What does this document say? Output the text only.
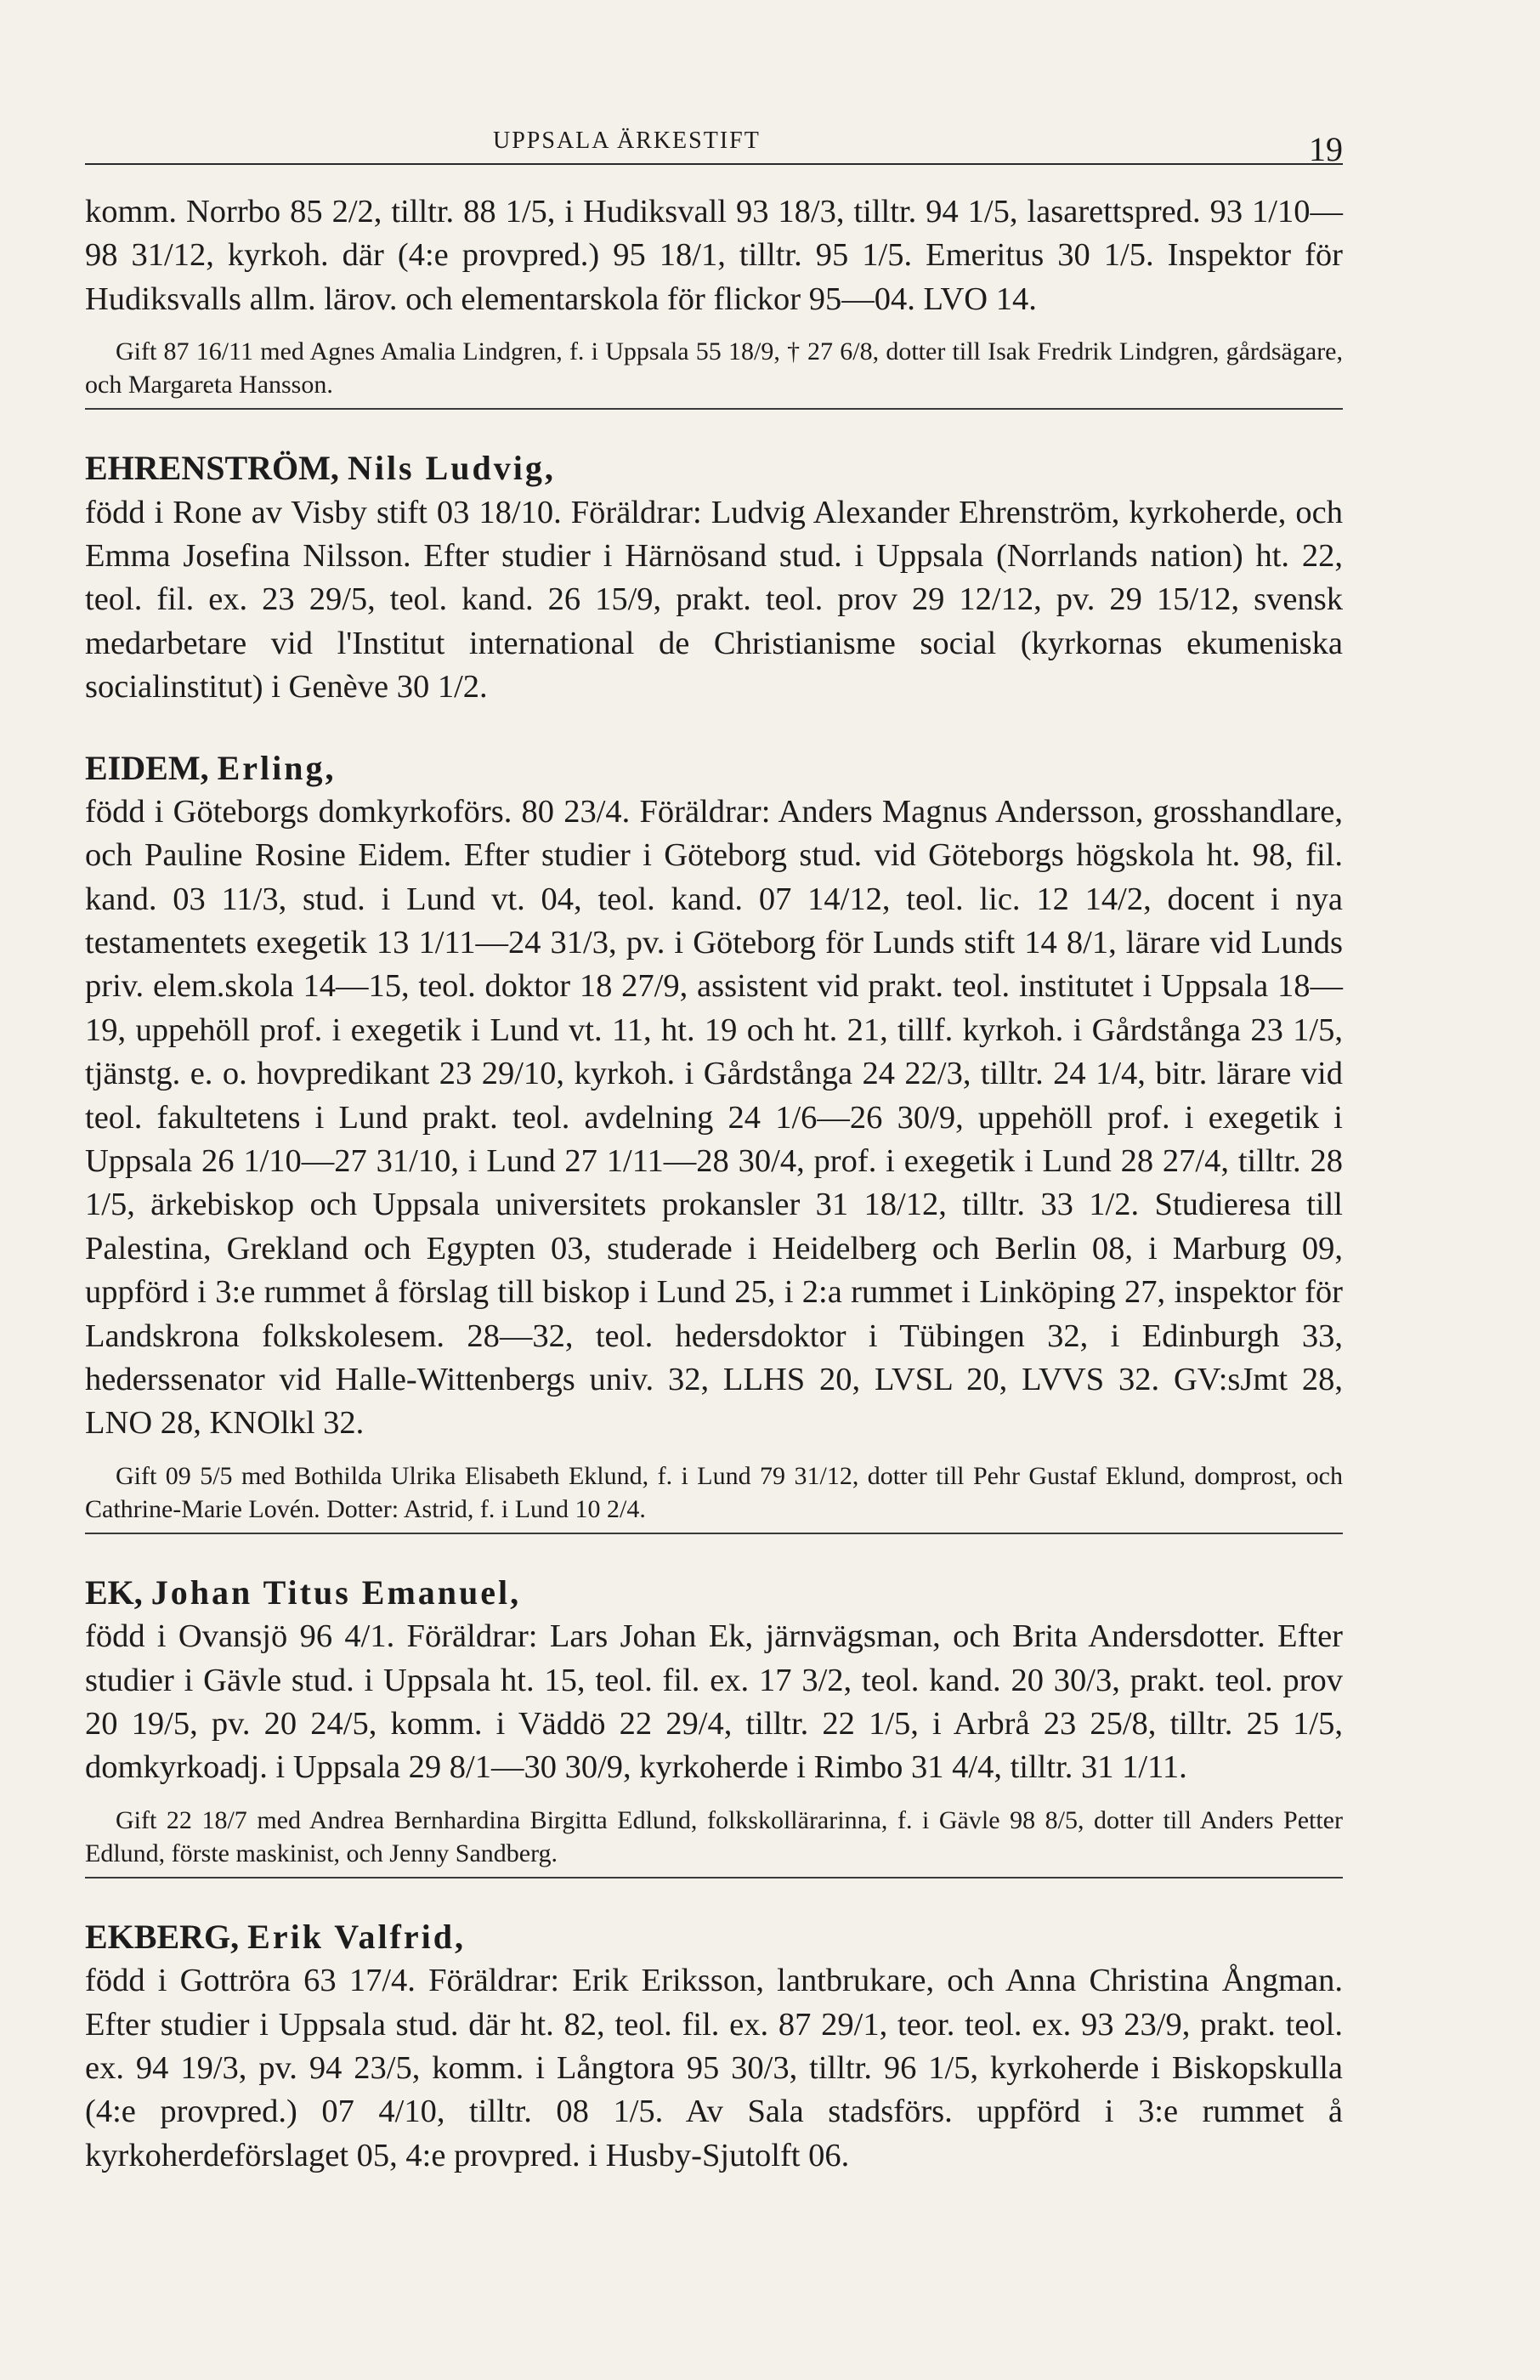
UPPSALA ÄRKESTIFT	19

komm. Norrbo 85 2/2, tilltr. 88 1/5, i Hudiksvall 93 18/3, tilltr. 94 1/5, lasarettspred. 93 1/10—98 31/12, kyrkoh. där (4:e provpred.) 95 18/1, tilltr. 95 1/5. Emeritus 30 1/5. Inspektor för Hudiksvalls allm. lärov. och elementarskola för flickor 95—04. LVO 14.

Gift 87 16/11 med Agnes Amalia Lindgren, f. i Uppsala 55 18/9, † 27 6/8, dotter till Isak Fredrik Lindgren, gårdsägare, och Margareta Hansson.

EHRENSTRÖM, Nils Ludvig,

född i Rone av Visby stift 03 18/10. Föräldrar: Ludvig Alexander Ehrenström, kyrkoherde, och Emma Josefina Nilsson. Efter studier i Härnösand stud. i Uppsala (Norrlands nation) ht. 22, teol. fil. ex. 23 29/5, teol. kand. 26 15/9, prakt. teol. prov 29 12/12, pv. 29 15/12, svensk medarbetare vid l'Institut international de Christianisme social (kyrkornas ekumeniska socialinstitut) i Genève 30 1/2.

EIDEM, Erling,

född i Göteborgs domkyrkoförs. 80 23/4. Föräldrar: Anders Magnus Andersson, grosshandlare, och Pauline Rosine Eidem. Efter studier i Göteborg stud. vid Göteborgs högskola ht. 98, fil. kand. 03 11/3, stud. i Lund vt. 04, teol. kand. 07 14/12, teol. lic. 12 14/2, docent i nya testamentets exegetik 13 1/11—24 31/3, pv. i Göteborg för Lunds stift 14 8/1, lärare vid Lunds priv. elem.skola 14—15, teol. doktor 18 27/9, assistent vid prakt. teol. institutet i Uppsala 18—19, uppehöll prof. i exegetik i Lund vt. 11, ht. 19 och ht. 21, tillf. kyrkoh. i Gårdstånga 23 1/5, tjänstg. e. o. hovpredikant 23 29/10, kyrkoh. i Gårdstånga 24 22/3, tilltr. 24 1/4, bitr. lärare vid teol. fakultetens i Lund prakt. teol. avdelning 24 1/6—26 30/9, uppehöll prof. i exegetik i Uppsala 26 1/10—27 31/10, i Lund 27 1/11—28 30/4, prof. i exegetik i Lund 28 27/4, tilltr. 28 1/5, ärkebiskop och Uppsala universitets prokansler 31 18/12, tilltr. 33 1/2. Studieresa till Palestina, Grekland och Egypten 03, studerade i Heidelberg och Berlin 08, i Marburg 09, uppförd i 3:e rummet å förslag till biskop i Lund 25, i 2:a rummet i Linköping 27, inspektor för Landskrona folkskolesem. 28—32, teol. hedersdoktor i Tübingen 32, i Edinburgh 33, hederssenator vid Halle-Wittenbergs univ. 32, LLHS 20, LVSL 20, LVVS 32. GV:sJmt 28, LNO 28, KNOlkl 32.

Gift 09 5/5 med Bothilda Ulrika Elisabeth Eklund, f. i Lund 79 31/12, dotter till Pehr Gustaf Eklund, domprost, och Cathrine-Marie Lovén. Dotter: Astrid, f. i Lund 10 2/4.

EK, Johan Titus Emanuel,

född i Ovansjö 96 4/1. Föräldrar: Lars Johan Ek, järnvägsman, och Brita Andersdotter. Efter studier i Gävle stud. i Uppsala ht. 15, teol. fil. ex. 17 3/2, teol. kand. 20 30/3, prakt. teol. prov 20 19/5, pv. 20 24/5, komm. i Väddö 22 29/4, tilltr. 22 1/5, i Arbrå 23 25/8, tilltr. 25 1/5, domkyrkoadj. i Uppsala 29 8/1—30 30/9, kyrkoherde i Rimbo 31 4/4, tilltr. 31 1/11.

Gift 22 18/7 med Andrea Bernhardina Birgitta Edlund, folkskollärarinna, f. i Gävle 98 8/5, dotter till Anders Petter Edlund, förste maskinist, och Jenny Sandberg.

EKBERG, Erik Valfrid,

född i Gottröra 63 17/4. Föräldrar: Erik Eriksson, lantbrukare, och Anna Christina Ångman. Efter studier i Uppsala stud. där ht. 82, teol. fil. ex. 87 29/1, teor. teol. ex. 93 23/9, prakt. teol. ex. 94 19/3, pv. 94 23/5, komm. i Långtora 95 30/3, tilltr. 96 1/5, kyrkoherde i Biskopskulla (4:e provpred.) 07 4/10, tilltr. 08 1/5. Av Sala stadsförs. uppförd i 3:e rummet å kyrkoherdeförslaget 05, 4:e provpred. i Husby-Sjutolft 06.
